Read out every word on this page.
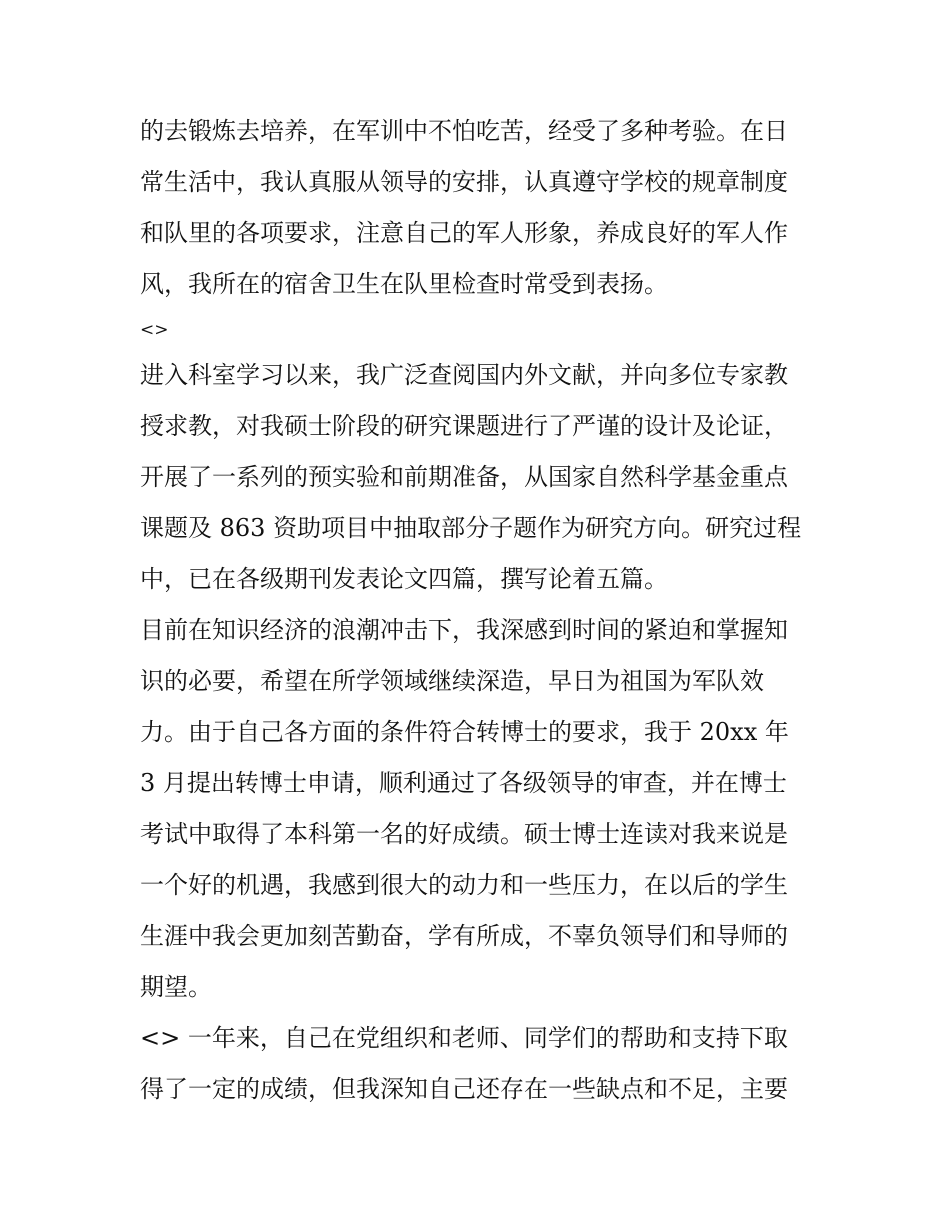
的去锻炼去培养，在军训中不怕吃苦，经受了多种考验。在日
常生活中，我认真服从领导的安排，认真遵守学校的规章制度
和队里的各项要求，注意自己的军人形象，养成良好的军人作
风，我所在的宿舍卫生在队里检查时常受到表扬。
<>
进入科室学习以来，我广泛查阅国内外文献，并向多位专家教
授求教，对我硕士阶段的研究课题进行了严谨的设计及论证，
开展了一系列的预实验和前期准备，从国家自然科学基金重点
课题及 863 资助项目中抽取部分子题作为研究方向。研究过程
中，已在各级期刊发表论文四篇，撰写论着五篇。
目前在知识经济的浪潮冲击下，我深感到时间的紧迫和掌握知
识的必要，希望在所学领域继续深造，早日为祖国为军队效
力。由于自己各方面的条件符合转博士的要求，我于 20xx 年
3 月提出转博士申请，顺利通过了各级领导的审查，并在博士
考试中取得了本科第一名的好成绩。硕士博士连读对我来说是
一个好的机遇，我感到很大的动力和一些压力，在以后的学生
生涯中我会更加刻苦勤奋，学有所成，不辜负领导们和导师的
期望。
<> 一年来，自己在党组织和老师、同学们的帮助和支持下取
得了一定的成绩，但我深知自己还存在一些缺点和不足，主要
